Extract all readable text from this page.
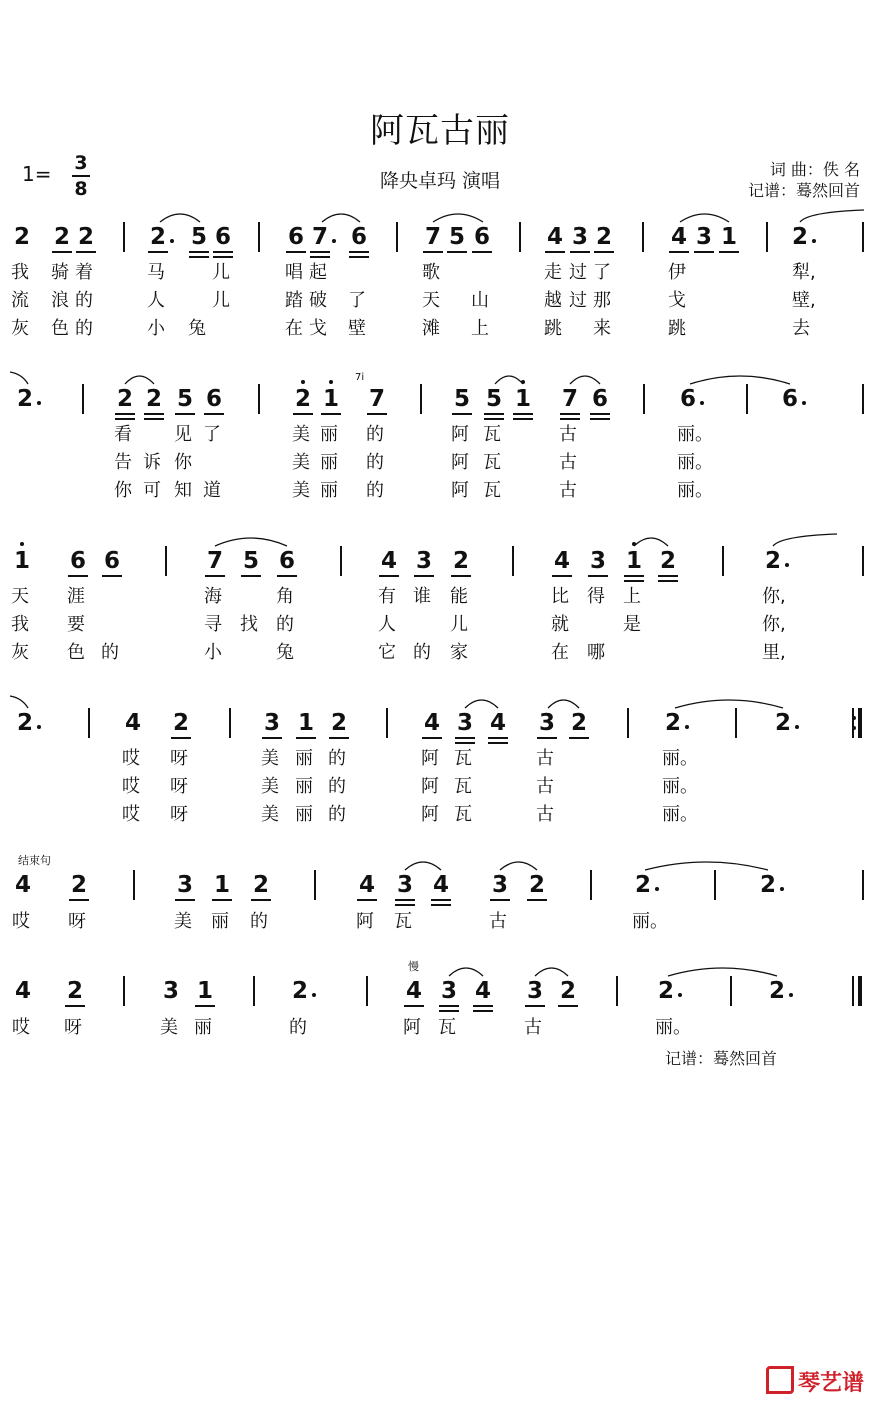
阿瓦古丽
1= 3
8	降央卓玛 演唱
词 曲：佚 名
记谱：蓦然回首
2 2 2 2 5 6 6 7 6	7 5 6 4 3 2	4 3 1 2
我 骑 着	马	儿	唱 起	歌	走 过 了	伊	犁,
流 浪 的	人	儿	踏 破 了	天 山	越 过 那	戈	壁,
灰 色 的	小 兔	在 戈 壁	滩 上	跳 来	跳	去
2	2 2 5 6	2 1 7	5 5 1 7 6	6	6
看 见 了	美 丽 的	阿 瓦	古	丽。
告 诉 你	美 丽 的	阿 瓦	古	丽。
你 可 知 道	美 丽 的	阿 瓦	古	丽。
1 6 6	7 5 6	4 3 2	4 3 1 2	2
天 涯	海	角	有 谁 能	比 得 上	你,
我 要	寻 找 的	人	儿	就	是	你,
灰 色 的	小	兔	它 的 家	在 哪	里,
2	4 2	3 1 2	4 3 4 3 2	2	2
哎 呀	美 丽 的	阿 瓦	古	丽。
哎 呀	美 丽 的	阿 瓦	古	丽。
哎 呀	美 丽 的	阿 瓦	古	丽。
4 2	3 1 2	4 3 4 3 2	2	2
哎 呀	美 丽 的	阿 瓦	古	丽。
4 2	3 1	2	4 3 4 3 2	2	2
哎 呀	美 丽	的	阿 瓦	古	丽。
结束句
慢
7i
记谱：蓦然回首
琴艺谱
